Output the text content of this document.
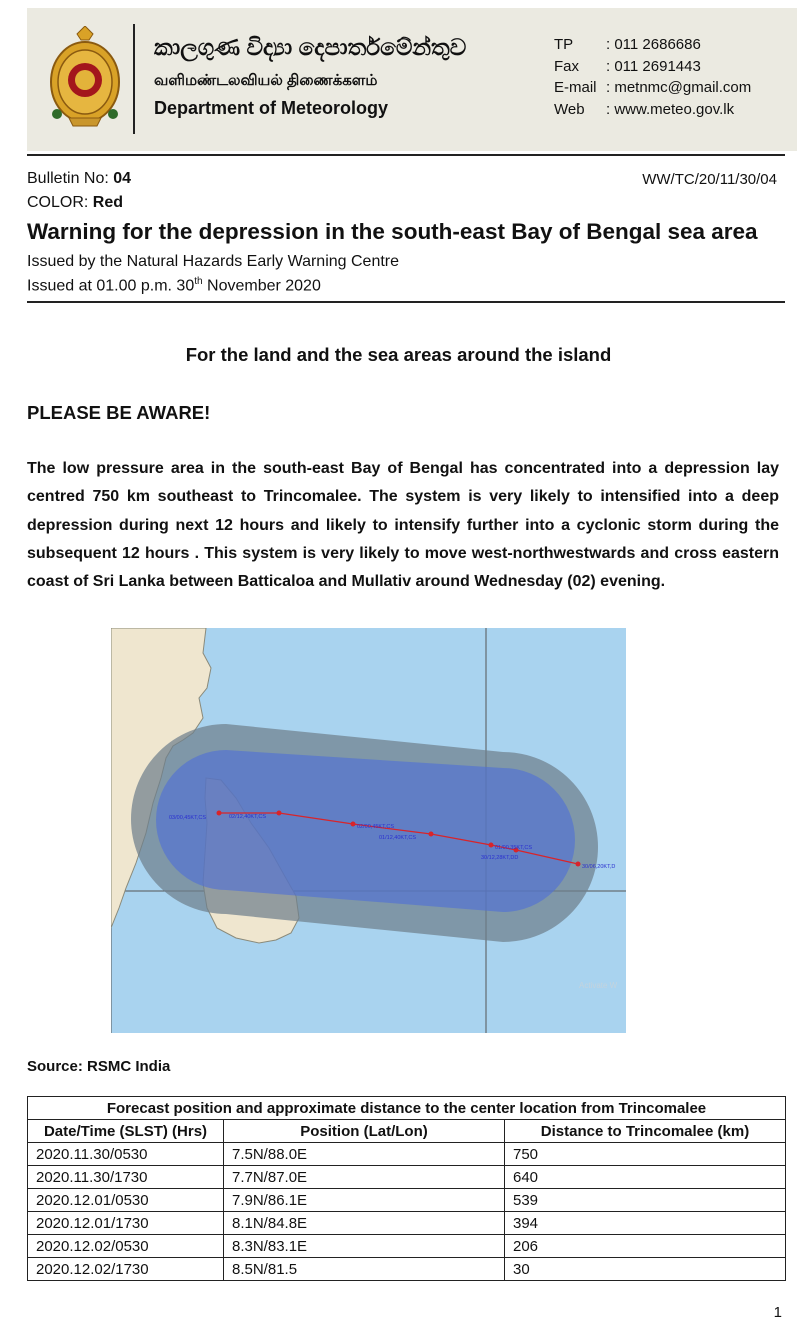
කාලගුණ විද්‍යා දෙපාර්තමේන්තුව
வளிமண்டலவியல் திணைக்களம்
Department of Meteorology
TP	: 011 2686686
Fax	: 011 2691443
E-mail : metnmc@gmail.com
Web	: www.meteo.gov.lk
Bulletin No: 04
COLOR: Red
WW/TC/20/11/30/04
Warning for the depression in the south-east Bay of Bengal sea area
Issued by the Natural Hazards Early Warning Centre
Issued at 01.00 p.m. 30th November 2020
For the land and the sea areas around the island
PLEASE BE AWARE!
The low pressure area in the south-east Bay of Bengal has concentrated into a depression lay centred 750 km southeast to Trincomalee. The system is very likely to intensified into a deep depression during next 12 hours and likely to intensify further into a cyclonic storm during the subsequent 12 hours . This system is very likely to move west-northwestwards and cross eastern coast of Sri Lanka between Batticaloa and Mullativ around Wednesday (02) evening.
03/00,45KT,CS	02/12,40KT,CS
02/00,45KT,CS
01/12,40KT,CS
01/00,35KT,CS
30/12,28KT,DD
30/06,20KT,D
Activate W
Source: RSMC India
Forecast position and approximate distance to the center location from Trincomalee		
Date/Time (SLST) (Hrs)	Position (Lat/Lon)	Distance to Trincomalee (km)
2020.11.30/0530	7.5N/88.0E	750
2020.11.30/1730	7.7N/87.0E	640
2020.12.01/0530	7.9N/86.1E	539
2020.12.01/1730	8.1N/84.8E	394
2020.12.02/0530	8.3N/83.1E	206
2020.12.02/1730	8.5N/81.5	30
1
